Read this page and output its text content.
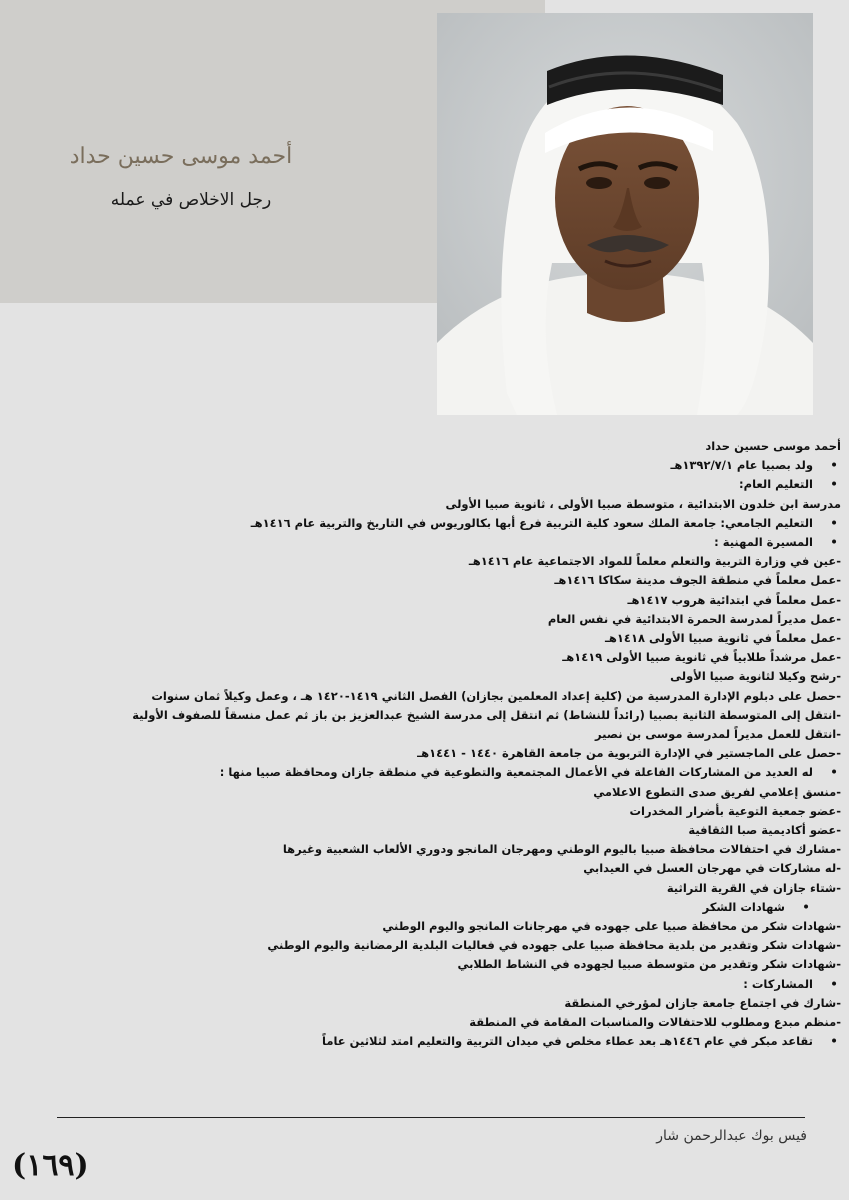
أحمد موسى حسين حداد
رجل الاخلاص في عمله
أحمد موسى حسين حداد
• ولد بصبيا عام ١٣٩٢/٧/١هـ
• التعليم العام:
مدرسة ابن خلدون الابتدائية ، متوسطة صبيا الأولى ، ثانوية صبيا الأولى
• التعليم الجامعي: جامعة الملك سعود كلية التربية فرع أبها بكالوريوس في التاريخ والتربية عام ١٤١٦هـ
• المسيرة المهنية :
-عين في وزارة التربية والتعلم معلماً للمواد الاجتماعية عام ١٤١٦هـ
-عمل معلماً في منطقة الجوف مدينة سكاكا ١٤١٦هـ
-عمل معلماً في ابتدائية هروب ١٤١٧هـ
-عمل مديراً لمدرسة الحمرة الابتدائية في نفس العام
-عمل معلماً في ثانوية صبيا الأولى ١٤١٨هـ
-عمل مرشداً طلابياً في ثانوية صبيا الأولى ١٤١٩هـ
-رشح وكيلا لثانوية صبيا الأولى
-حصل على دبلوم الإدارة المدرسية من (كلية إعداد المعلمين بجازان) الفصل الثاني ١٤١٩-١٤٢٠ هـ ، وعمل وكيلاً ثمان سنوات
-انتقل إلى المتوسطة الثانية بصبيا (رائداً للنشاط) ثم انتقل إلى مدرسة الشيخ عبدالعزيز بن باز ثم عمل منسقاً للصفوف الأولية
-انتقل للعمل مديراً لمدرسة موسى بن نصير
-حصل على الماجستير في الإدارة التربوية من جامعة القاهرة ١٤٤٠ - ١٤٤١هـ
• له العديد من المشاركات الفاعلة في الأعمال المجتمعية والتطوعية في منطقة جازان ومحافظة صبيا منها :
-منسق إعلامي لفريق صدى التطوع الاعلامي
-عضو جمعية التوعية بأضرار المخدرات
-عضو أكاديمية صبا الثقافية
-مشارك في احتفالات محافظة صبيا باليوم الوطني ومهرجان المانجو ودوري الألعاب الشعبية وغيرها
-له مشاركات في مهرجان العسل في العيدابي
-شتاء جازان في القرية التراثية
• شهادات الشكر
-شهادات شكر من محافظة صبيا على جهوده في مهرجانات المانجو واليوم الوطني
-شهادات شكر وتقدير من بلدية محافظة صبيا على جهوده في فعاليات البلدية الرمضانية واليوم الوطني
-شهادات شكر وتقدير من متوسطة صبيا لجهوده في النشاط الطلابي
• المشاركات :
-شارك في اجتماع جامعة جازان لمؤرخي المنطقة
-منظم مبدع ومطلوب للاحتفالات والمناسبات المقامة في المنطقة
• تقاعد مبكر في عام ١٤٤٦هـ بعد عطاء مخلص في ميدان التربية والتعليم امتد لثلاثين عاماً
فيس بوك عبدالرحمن شار
(١٦٩)
